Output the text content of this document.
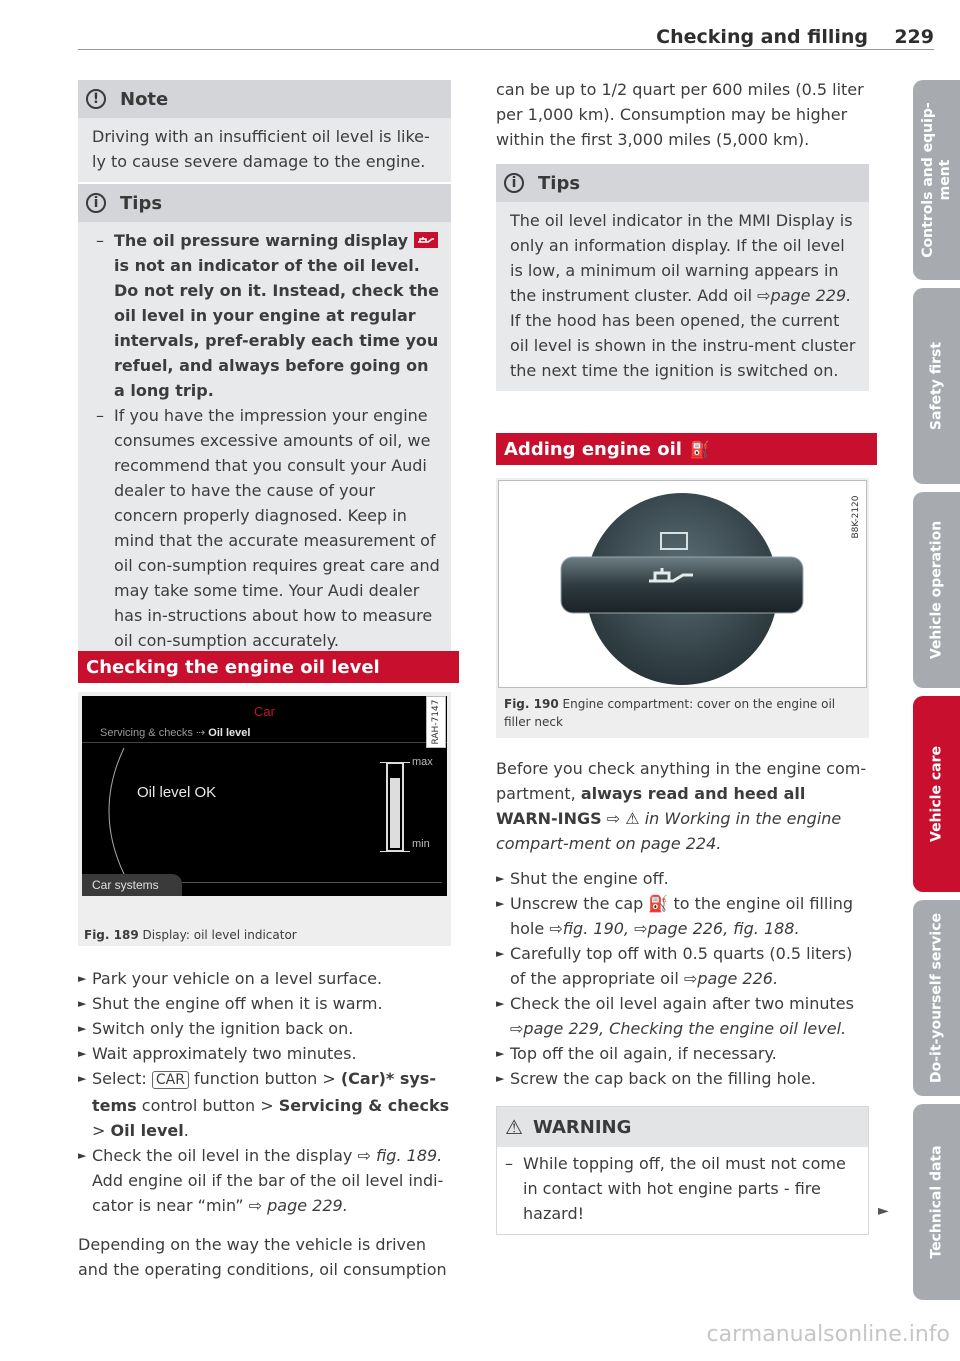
Checking and filling 229
!	Note

Driving with an insufficient oil level is like-ly to cause severe damage to the engine.

i	Tips
– The oil pressure warning display  is not an indicator of the oil level. Do not rely on it. Instead, check the oil level in your engine at regular intervals, pref-erably each time you refuel, and always before going on a long trip.
– If you have the impression your engine consumes excessive amounts of oil, we recommend that you consult your Audi dealer to have the cause of your concern properly diagnosed. Keep in mind that the accurate measurement of oil con-sumption requires great care and may take some time. Your Audi dealer has in-structions about how to measure oil con-sumption accurately.
Checking the engine oil level
Car
Servicing & checks ⇢ Oil level
Oil level OK
max
min
Car systems
RAH-7147
Fig. 189 Display: oil level indicator
► Park your vehicle on a level surface.
► Shut the engine off when it is warm.
► Switch only the ignition back on.
► Wait approximately two minutes.
► Select: CAR function button > (Car)* sys-tems control button > Servicing & checks > Oil level.
► Check the oil level in the display ⇨ fig. 189. Add engine oil if the bar of the oil level indi-cator is near “min” ⇨ page 229.

Depending on the way the vehicle is driven and the operating conditions, oil consumption

can be up to 1/2 quart per 600 miles (0.5 liter per 1,000 km). Consumption may be higher within the first 3,000 miles (5,000 km).

i	Tips

The oil level indicator in the MMI Display is only an information display. If the oil level is low, a minimum oil warning appears in the instrument cluster. Add oil ⇨page 229. If the hood has been opened, the current oil level is shown in the instru-ment cluster the next time the ignition is switched on.

Adding engine oil ⛽
B8K-2120
Fig. 190 Engine compartment: cover on the engine oil filler neck

Before you check anything in the engine com-partment, always read and heed all WARN-INGS ⇨ ⚠ in Working in the engine compart-ment on page 224.

► Shut the engine off.
► Unscrew the cap ⛽ to the engine oil filling hole ⇨fig. 190, ⇨page 226, fig. 188.
► Carefully top off with 0.5 quarts (0.5 liters) of the appropriate oil ⇨page 226.
► Check the oil level again after two minutes ⇨page 229, Checking the engine oil level.
► Top off the oil again, if necessary.
► Screw the cap back on the filling hole.
⚠ WARNING
– While topping off, the oil must not come in contact with hot engine parts - fire hazard!	►
Controls and equip-ment
Safety first
Vehicle operation
Vehicle care
Do-it-yourself service
Technical data
carmanualsonline.info
